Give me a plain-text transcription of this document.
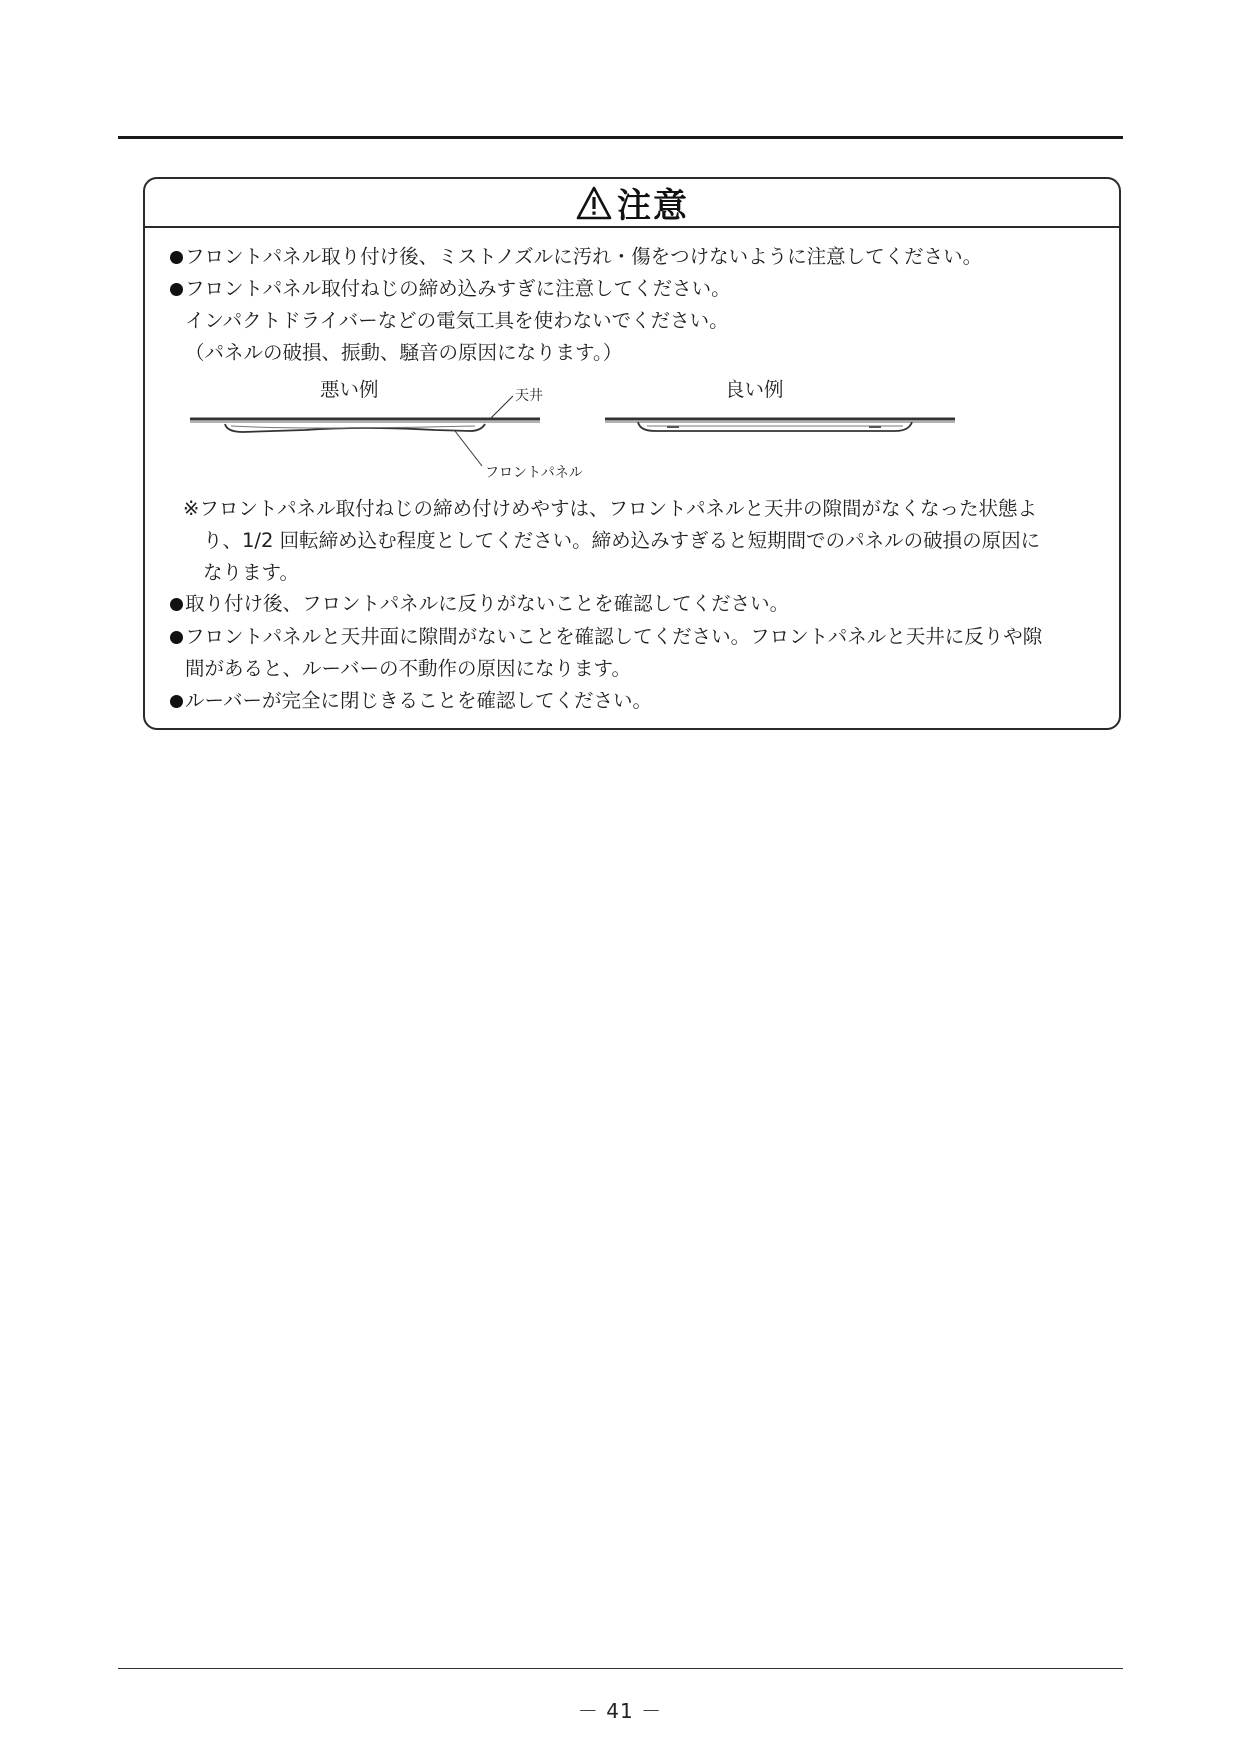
注意
フロントパネル取り付け後、ミストノズルに汚れ・傷をつけないように注意してください。
フロントパネル取付ねじの締め込みすぎに注意してください。
インパクトドライバーなどの電気工具を使わないでください。
（パネルの破損、振動、騒音の原因になります。）
悪い例	良い例
天井
フロントパネル
※フロントパネル取付ねじの締め付けめやすは、フロントパネルと天井の隙間がなくなった状態よ
り、1/2 回転締め込む程度としてください。締め込みすぎると短期間でのパネルの破損の原因に
なります。
取り付け後、フロントパネルに反りがないことを確認してください。
フロントパネルと天井面に隙間がないことを確認してください。フロントパネルと天井に反りや隙
間があると、ルーバーの不動作の原因になります。
ルーバーが完全に閉じきることを確認してください。
－ 41 －
